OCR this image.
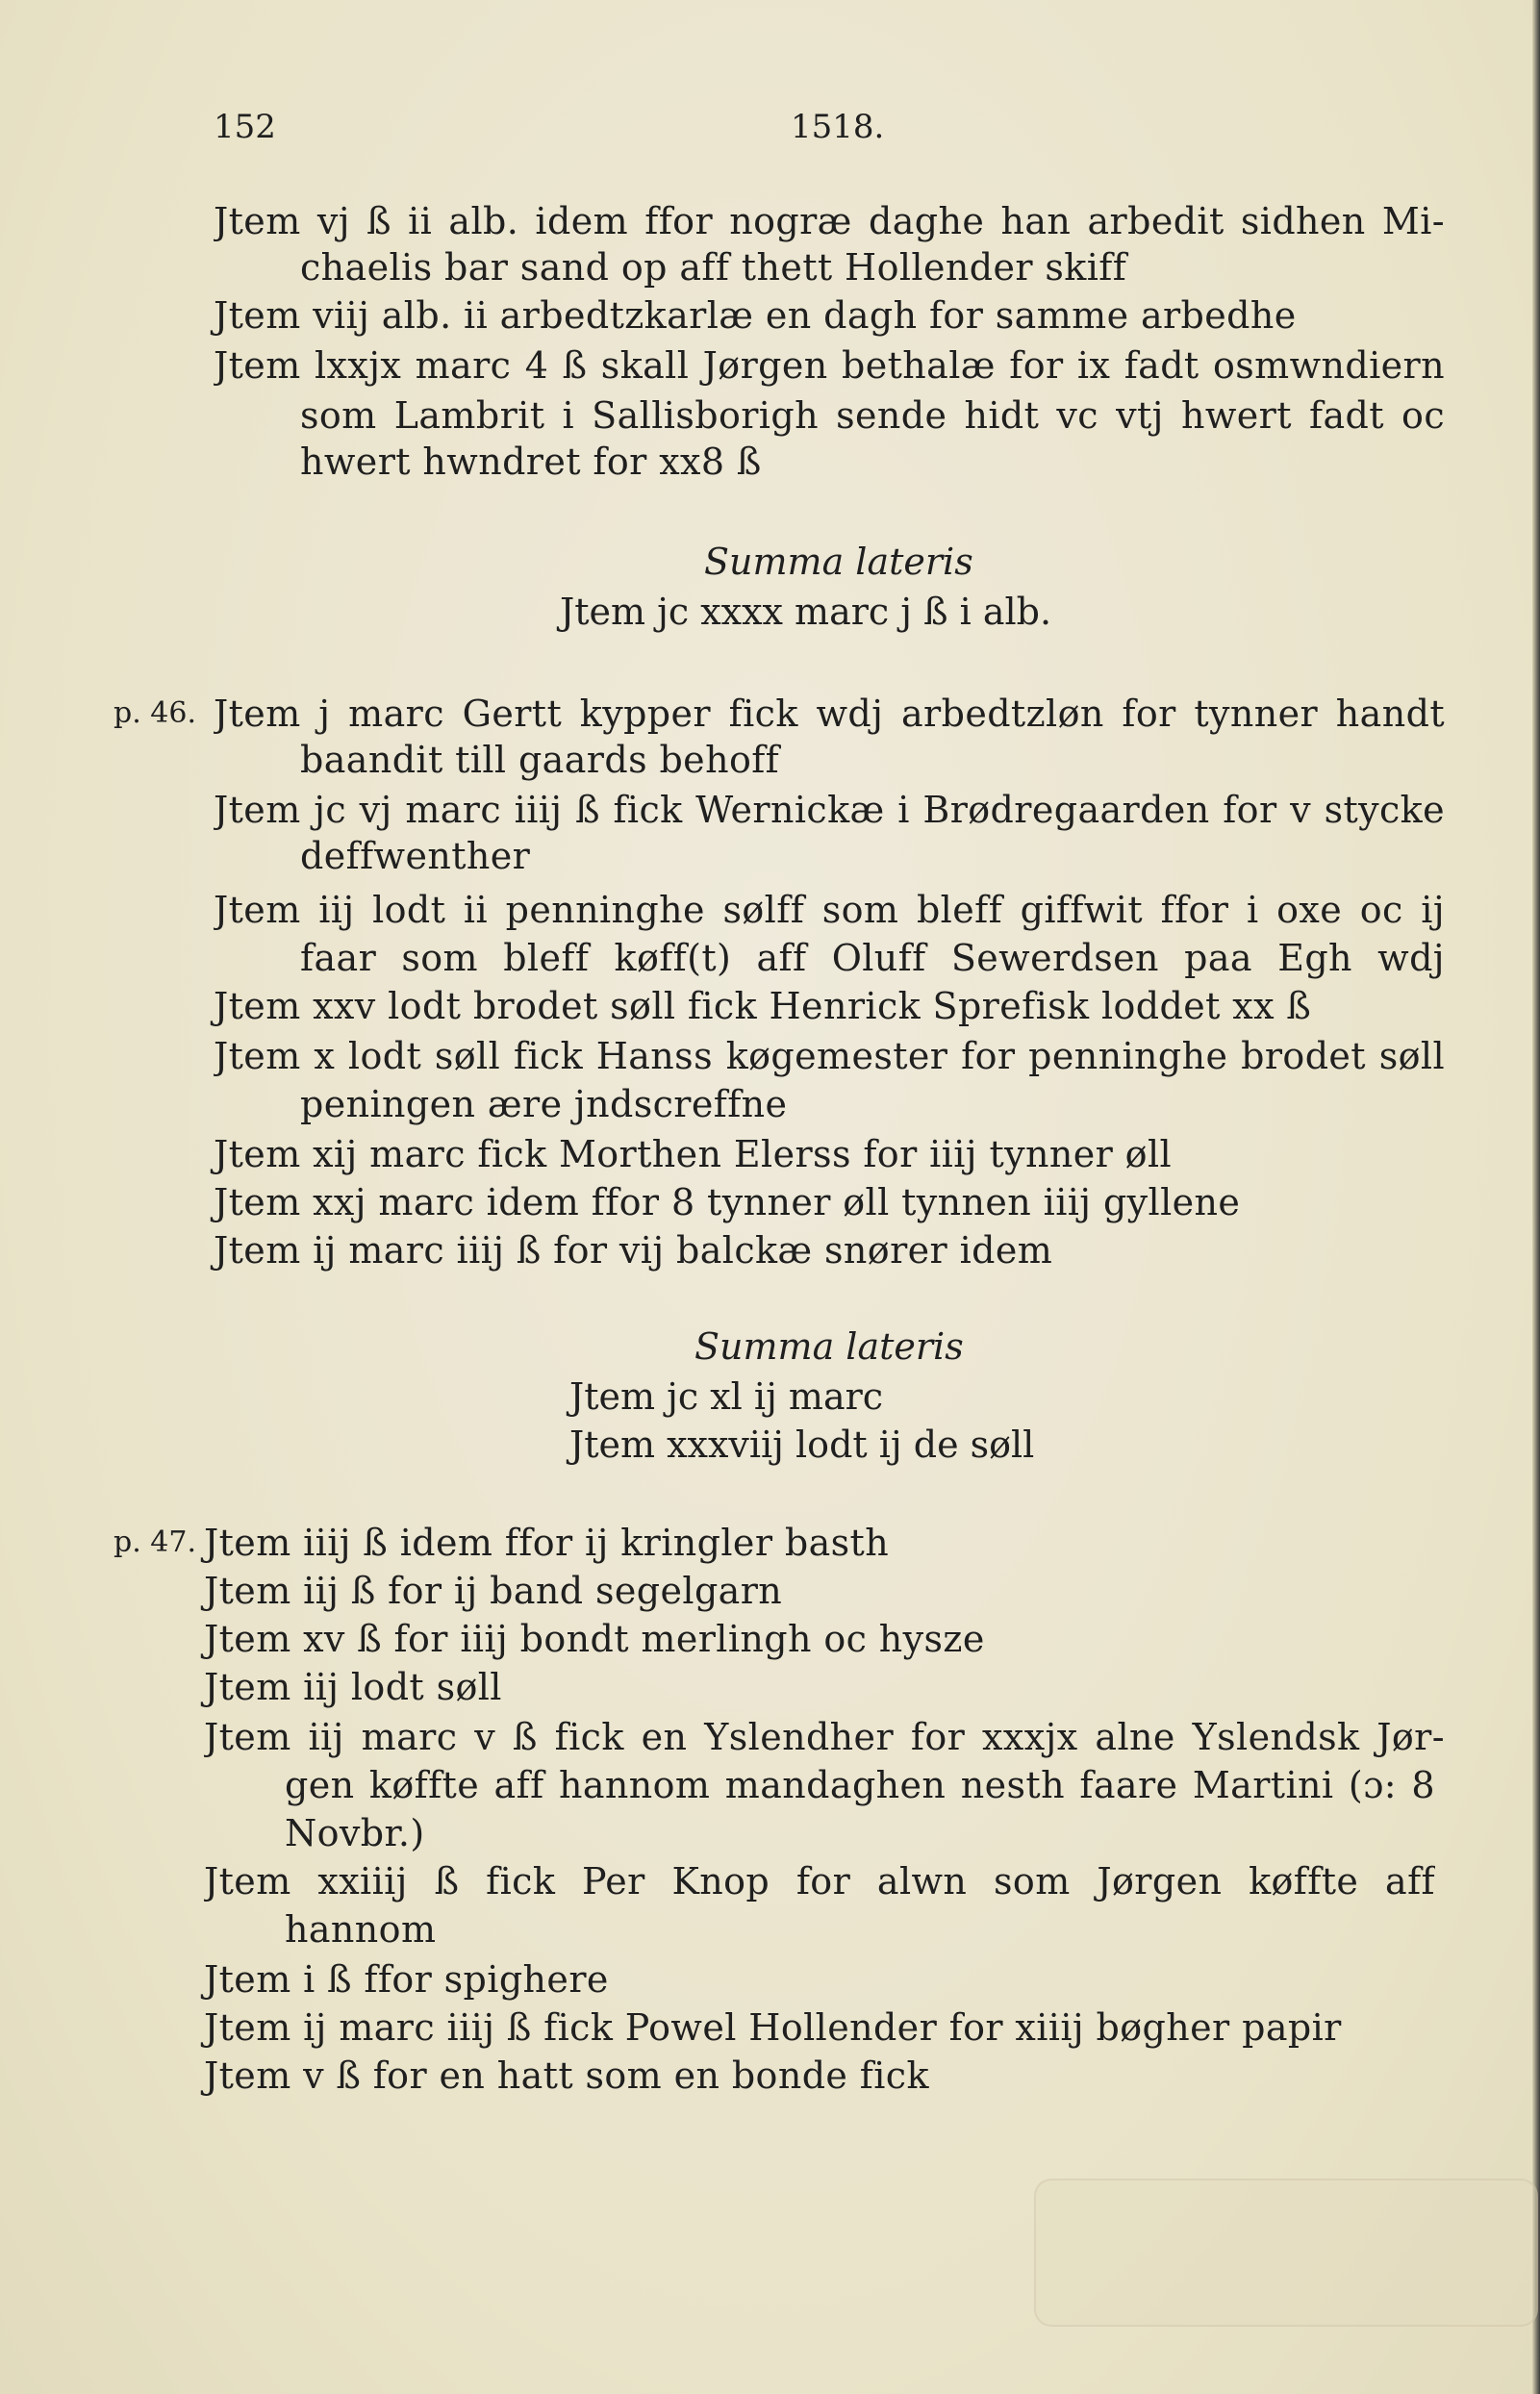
152	1518.
Jtem vj ß ii alb. idem ffor nogræ daghe han arbedit sidhen Mi-
chaelis bar sand op aff thett Hollender skiff
Jtem viij alb. ii arbedtzkarlæ en dagh for samme arbedhe
Jtem lxxjx marc 4 ß skall Jørgen bethalæ for ix fadt osmwndiern
som Lambrit i Sallisborigh sende hidt vc vtj hwert fadt oc
hwert hwndret for xx8 ß
Summa lateris
Jtem jc xxxx marc j ß i alb.
p. 46. Jtem j marc Gertt kypper fick wdj arbedtzløn for tynner handt
baandit till gaards behoff
Jtem jc vj marc iiij ß fick Wernickæ i Brødregaarden for v stycke
deffwenther
Jtem iij lodt ii penninghe sølff som bleff giffwit ffor i oxe oc ij
faar som bleff køff(t) aff Oluff Sewerdsen paa Egh wdj
Jtem xxv lodt brodet søll fick Henrick Sprefisk loddet xx ß
Jtem x lodt søll fick Hanss køgemester for penninghe brodet søll
peningen ære jndscreffne
Jtem xij marc fick Morthen Elerss for iiij tynner øll
Jtem xxj marc idem ffor 8 tynner øll tynnen iiij gyllene
Jtem ij marc iiij ß for vij balckæ snører idem
Summa lateris
Jtem jc xl ij marc
Jtem xxxviij lodt ij de søll
p. 47. Jtem iiij ß idem ffor ij kringler basth
Jtem iij ß for ij band segelgarn
Jtem xv ß for iiij bondt merlingh oc hysze
Jtem iij lodt søll
Jtem iij marc v ß fick en Yslendher for xxxjx alne Yslendsk Jør-
gen køffte aff hannom mandaghen nesth faare Martini (ɔ: 8
Novbr.)
Jtem xxiiij ß fick Per Knop for alwn som Jørgen køffte aff
hannom
Jtem i ß ffor spighere
Jtem ij marc iiij ß fick Powel Hollender for xiiij bøgher papir
Jtem v ß for en hatt som en bonde fick
